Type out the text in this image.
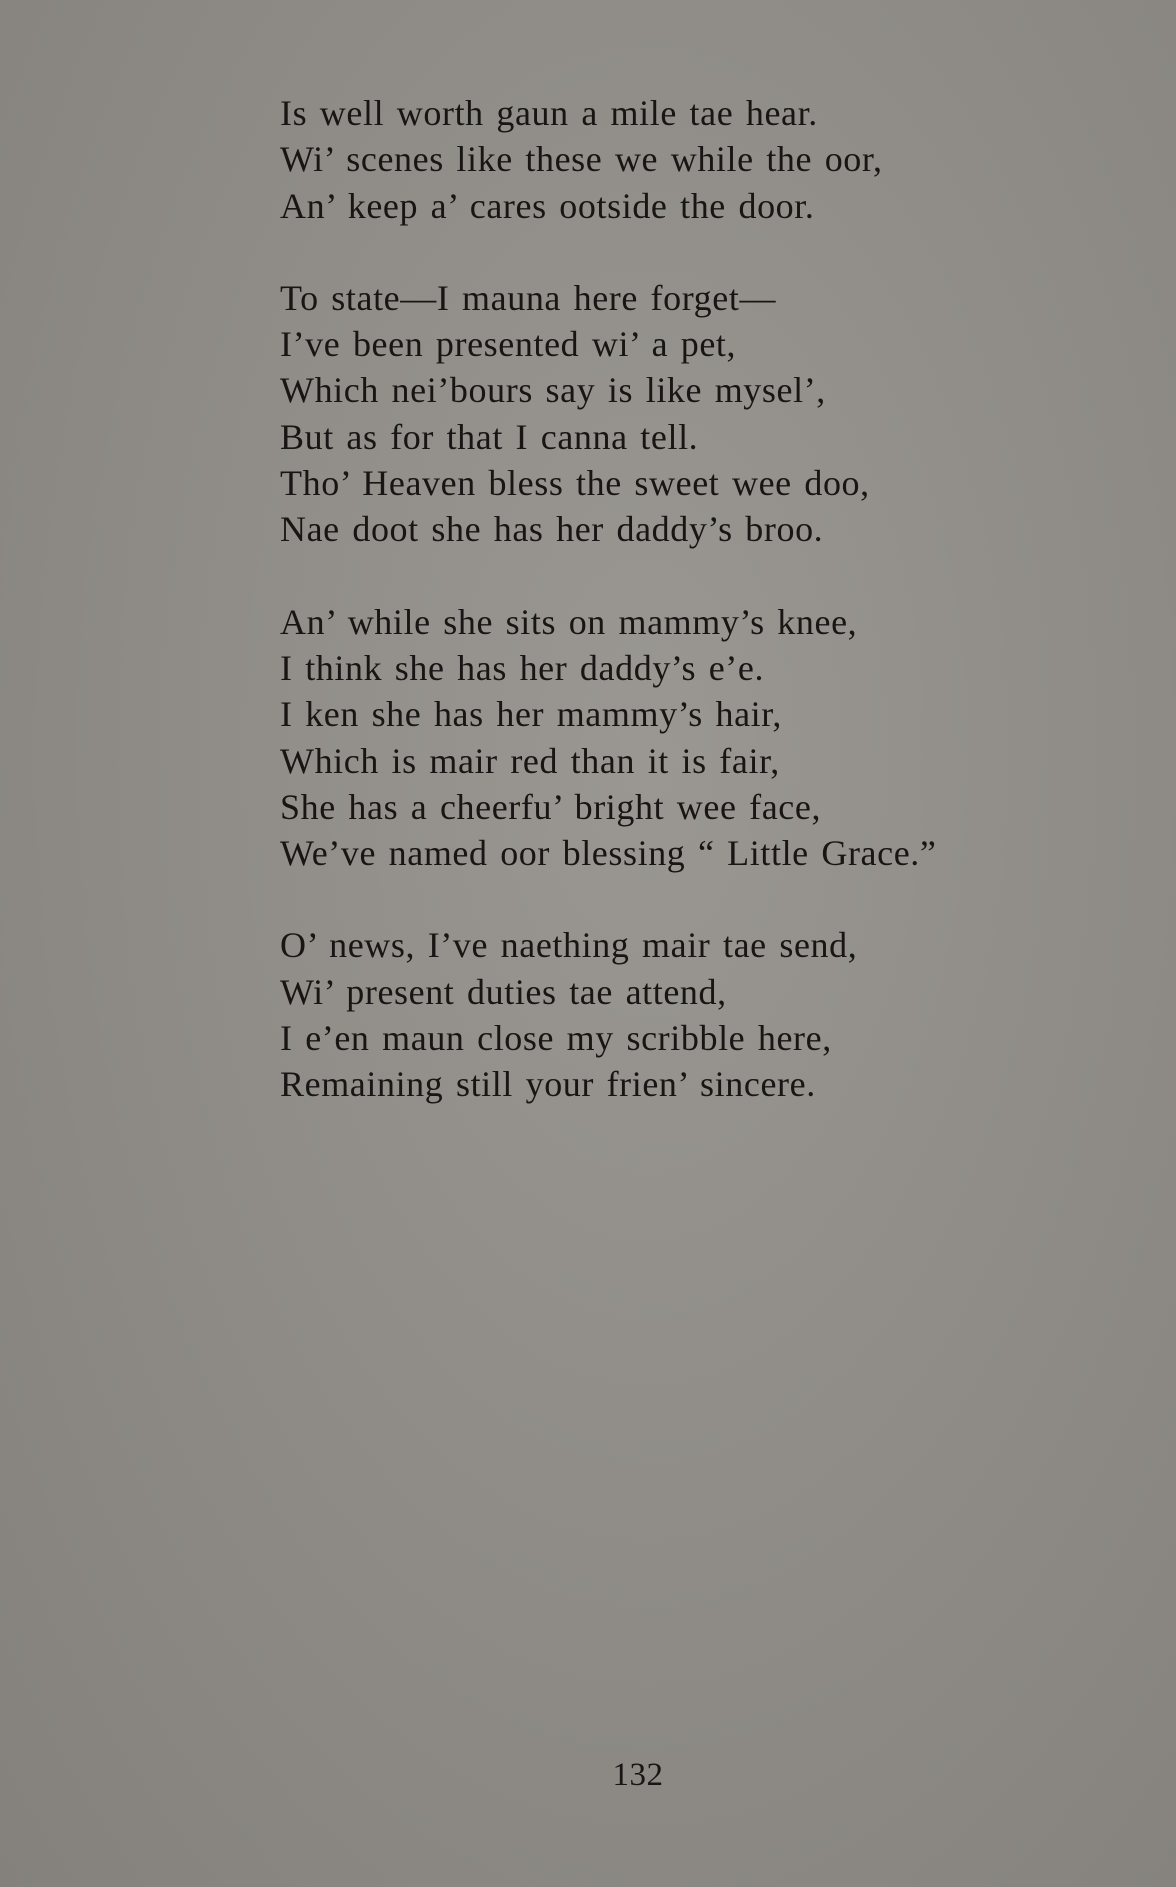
Is well worth gaun a mile tae hear.
Wi’ scenes like these we while the oor,
An’ keep a’ cares ootside the door.
To state—I mauna here forget—
I’ve been presented wi’ a pet,
Which nei’bours say is like mysel’,
But as for that I canna tell.
Tho’ Heaven bless the sweet wee doo,
Nae doot she has her daddy’s broo.
An’ while she sits on mammy’s knee,
I think she has her daddy’s e’e.
I ken she has her mammy’s hair,
Which is mair red than it is fair,
She has a cheerfu’ bright wee face,
We’ve named oor blessing “ Little Grace.”
O’ news, I’ve naething mair tae send,
Wi’ present duties tae attend,
I e’en maun close my scribble here,
Remaining still your frien’ sincere.
132
